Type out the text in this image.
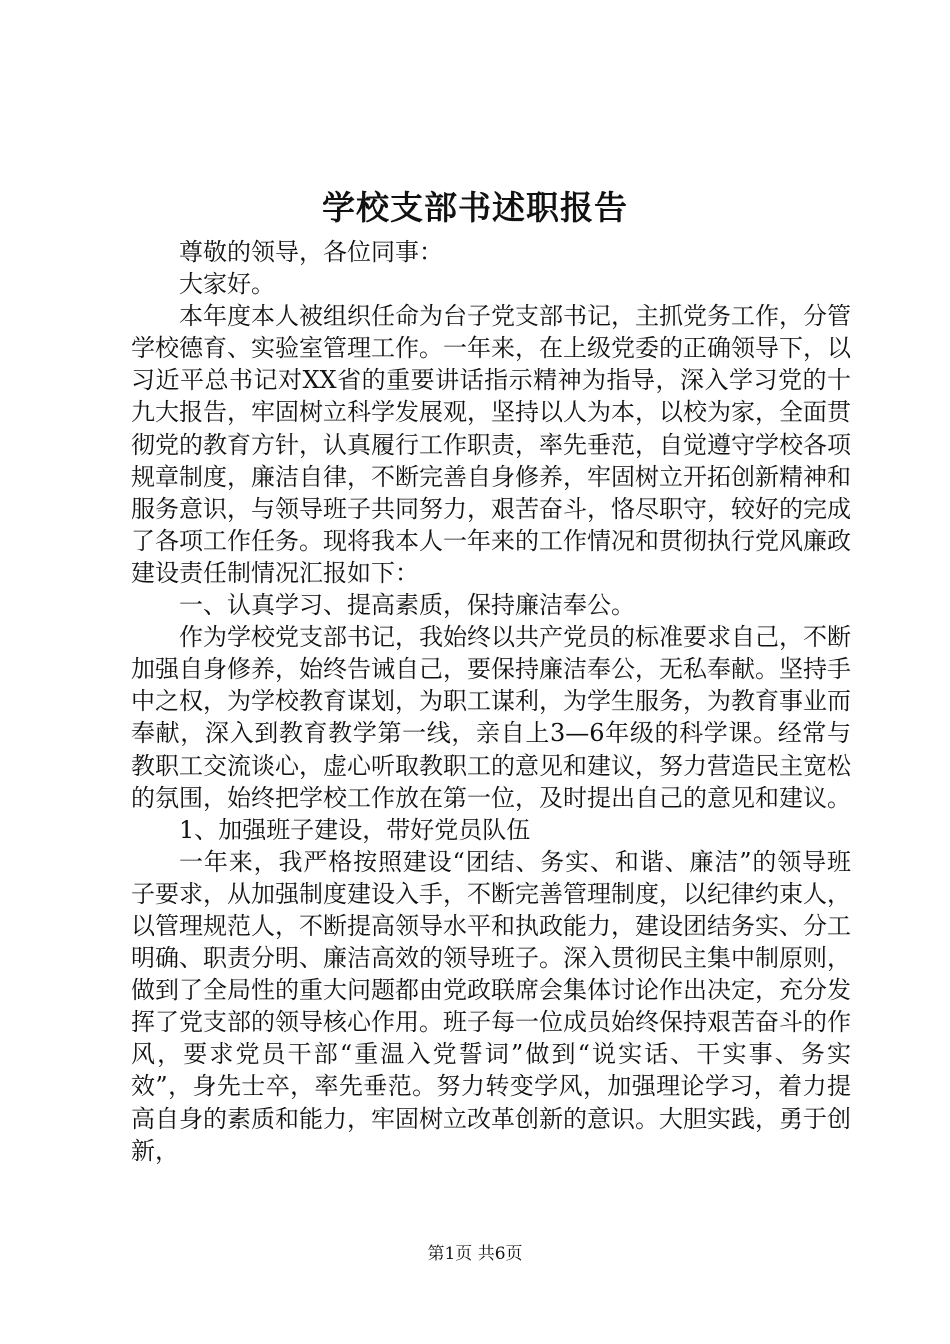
学校支部书述职报告

尊敬的领导，各位同事：

大家好。

本年度本人被组织任命为台子党支部书记，主抓党务工作，分管学校德育、实验室管理工作。一年来，在上级党委的正确领导下，以习近平总书记对XX省的重要讲话指示精神为指导，深入学习党的十九大报告，牢固树立科学发展观，坚持以人为本，以校为家，全面贯彻党的教育方针，认真履行工作职责，率先垂范，自觉遵守学校各项规章制度，廉洁自律，不断完善自身修养，牢固树立开拓创新精神和服务意识，与领导班子共同努力，艰苦奋斗，恪尽职守，较好的完成了各项工作任务。现将我本人一年来的工作情况和贯彻执行党风廉政建设责任制情况汇报如下：

一、认真学习、提高素质，保持廉洁奉公。

作为学校党支部书记，我始终以共产党员的标准要求自己，不断加强自身修养，始终告诫自己，要保持廉洁奉公，无私奉献。坚持手中之权，为学校教育谋划，为职工谋利，为学生服务，为教育事业而奉献，深入到教育教学第一线，亲自上3—6年级的科学课。经常与教职工交流谈心，虚心听取教职工的意见和建议，努力营造民主宽松的氛围，始终把学校工作放在第一位，及时提出自己的意见和建议。

1、加强班子建设，带好党员队伍

一年来，我严格按照建设“团结、务实、和谐、廉洁”的领导班子要求，从加强制度建设入手，不断完善管理制度，以纪律约束人，以管理规范人，不断提高领导水平和执政能力，建设团结务实、分工明确、职责分明、廉洁高效的领导班子。深入贯彻民主集中制原则，做到了全局性的重大问题都由党政联席会集体讨论作出决定，充分发挥了党支部的领导核心作用。班子每一位成员始终保持艰苦奋斗的作风，要求党员干部“重温入党誓词”做到“说实话、干实事、务实效”，身先士卒，率先垂范。努力转变学风，加强理论学习，着力提高自身的素质和能力，牢固树立改革创新的意识。大胆实践，勇于创新，

第1页 共6页
